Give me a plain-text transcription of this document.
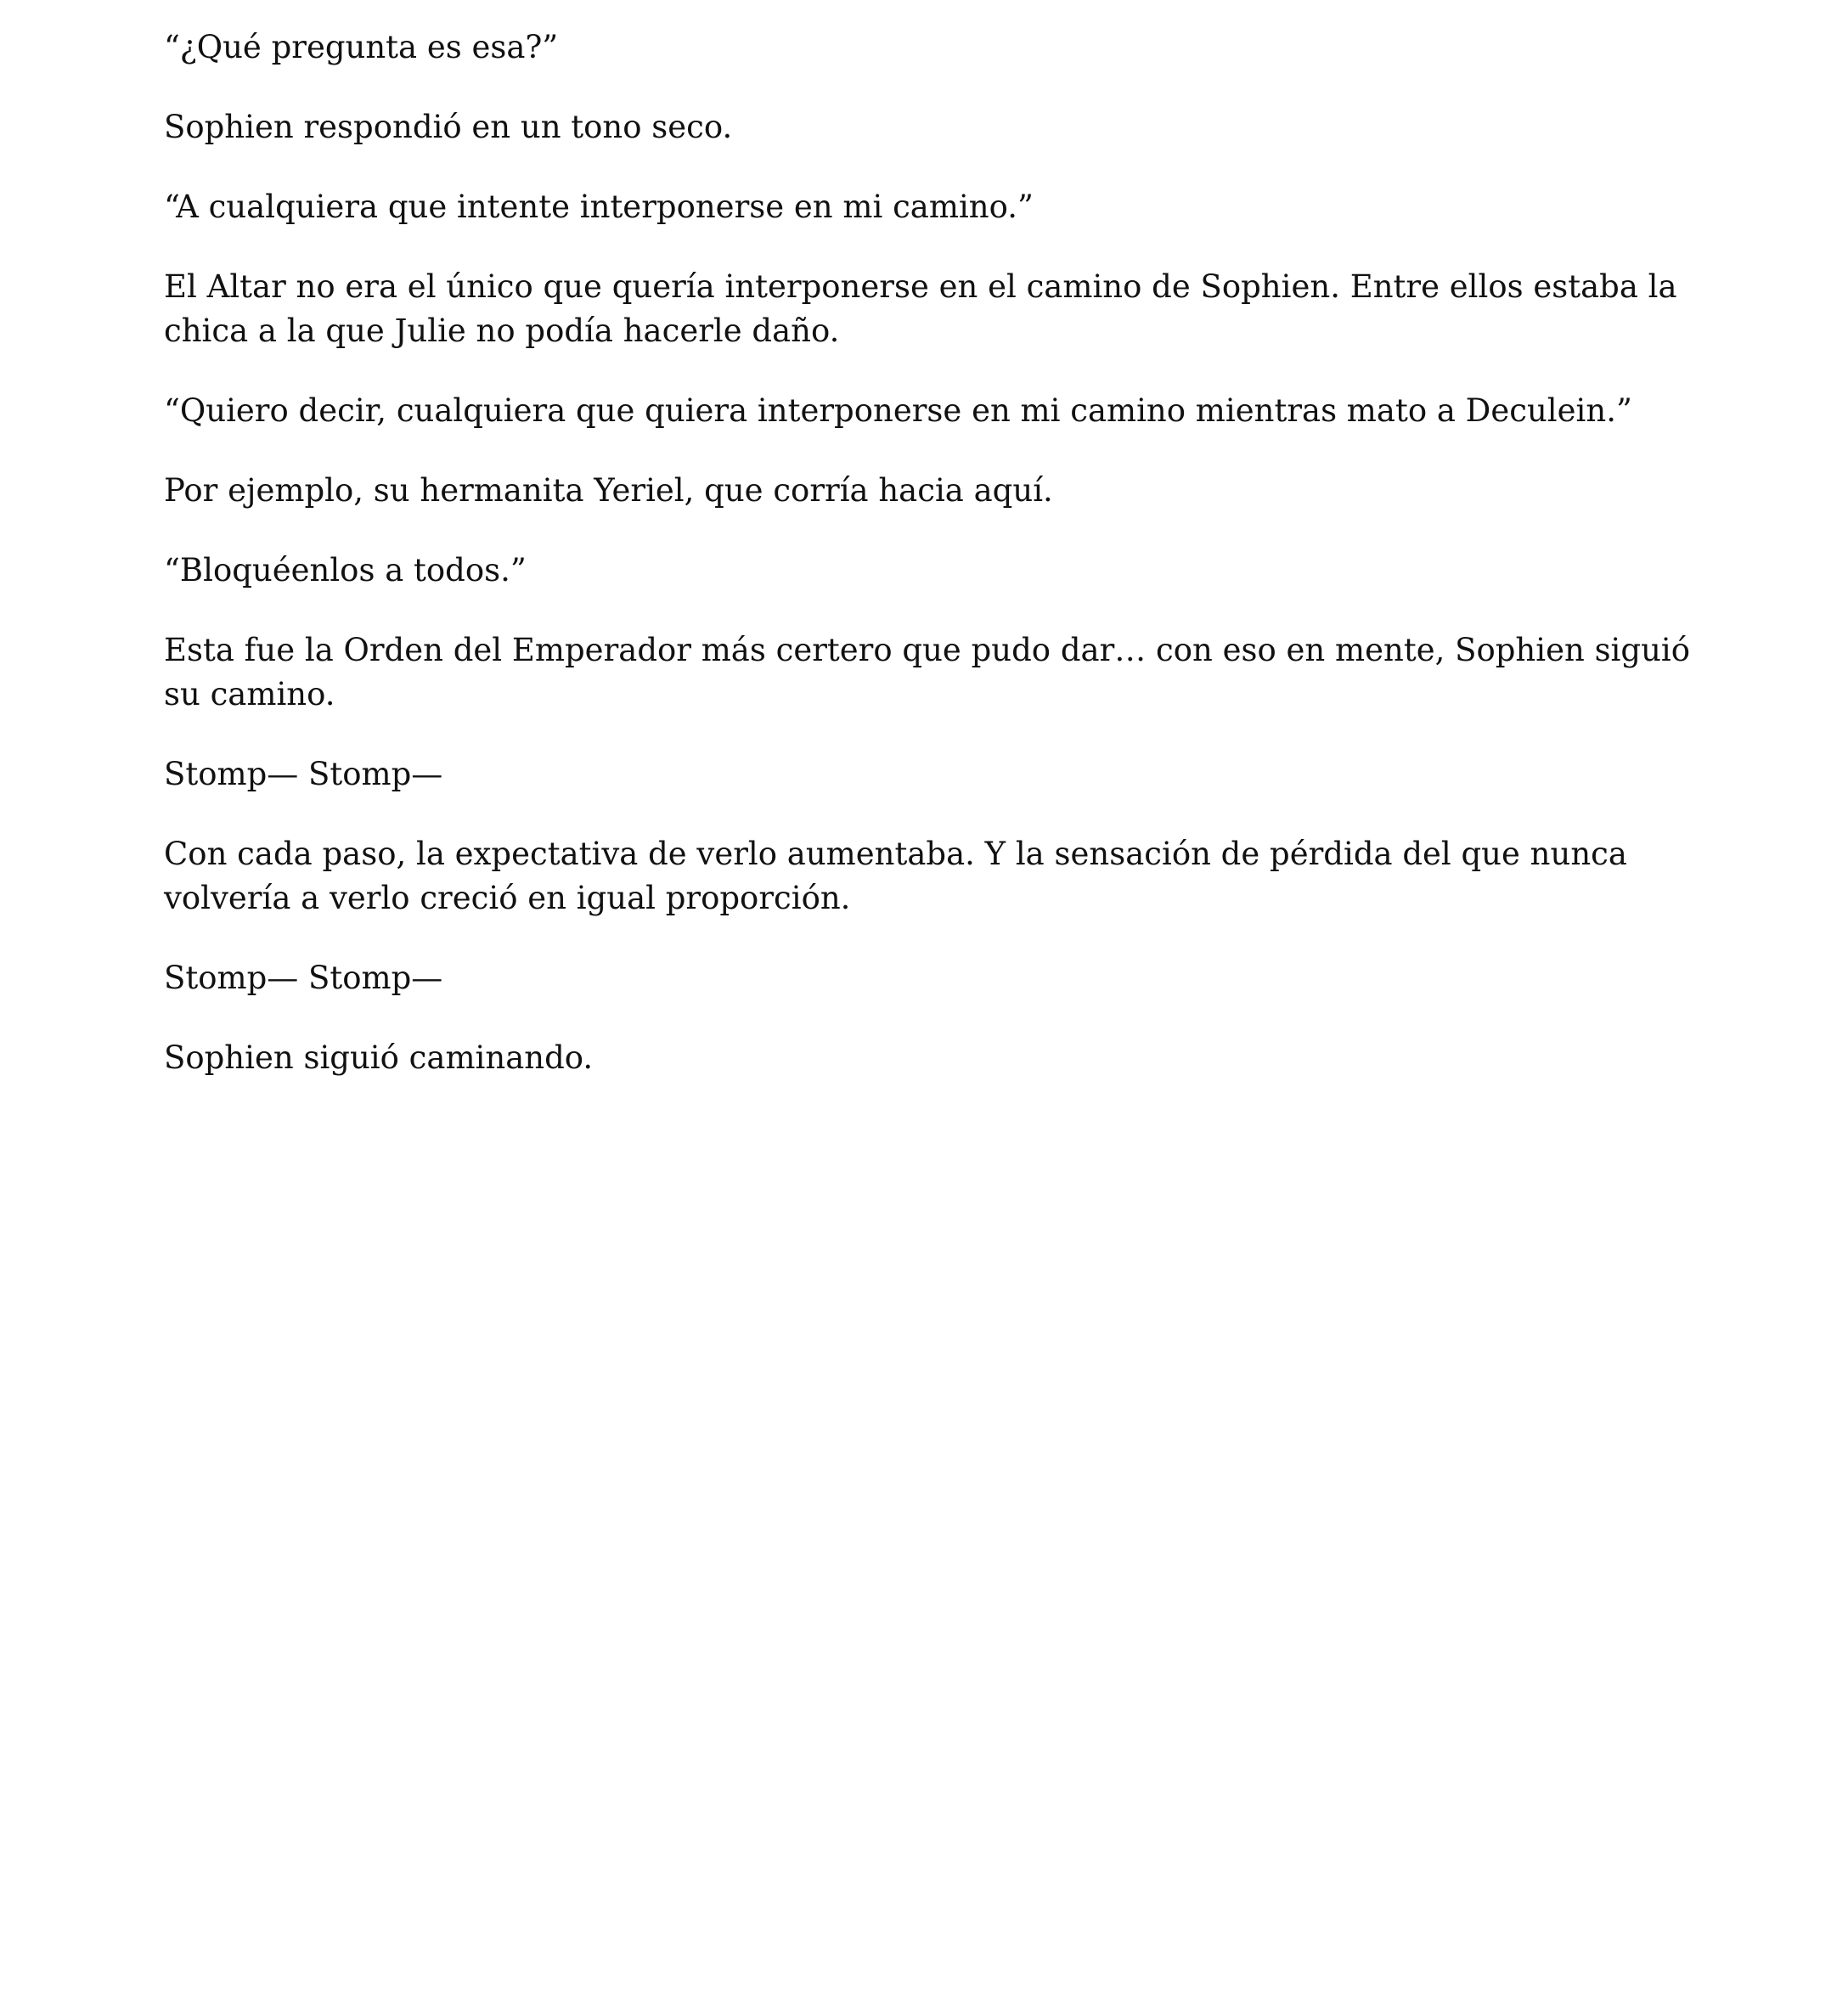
“¿Qué pregunta es esa?”

Sophien respondió en un tono seco.

“A cualquiera que intente interponerse en mi camino.”

El Altar no era el único que quería interponerse en el camino de Sophien. Entre ellos estaba la chica a la que Julie no podía hacerle daño.

“Quiero decir, cualquiera que quiera interponerse en mi camino mientras mato a Deculein.”

Por ejemplo, su hermanita Yeriel, que corría hacia aquí.

“Bloquéenlos a todos.”

Esta fue la Orden del Emperador más certero que pudo dar… con eso en mente, Sophien siguió su camino.

Stomp— Stomp—

Con cada paso, la expectativa de verlo aumentaba. Y la sensación de pérdida del que nunca volvería a verlo creció en igual proporción.

Stomp— Stomp—

Sophien siguió caminando.
